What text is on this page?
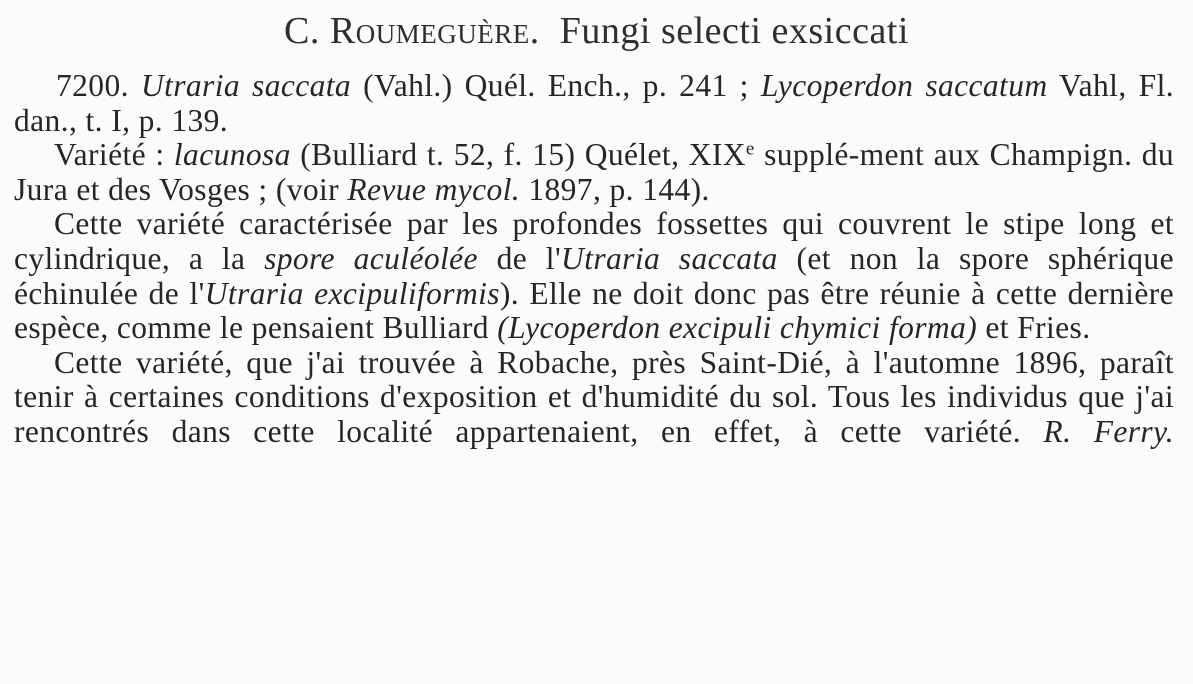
C. Roumeguère. Fungi selecti exsiccati

7200. Utraria saccata (Vahl.) Quél. Ench., p. 241 ; Lycoperdon saccatum Vahl, Fl. dan., t. I, p. 139.

Variété : lacunosa (Bulliard t. 52, f. 15) Quélet, XIXe supplé-ment aux Champign. du Jura et des Vosges ; (voir Revue mycol. 1897, p. 144).

Cette variété caractérisée par les profondes fossettes qui couvrent le stipe long et cylindrique, a la spore aculéolée de l'Utraria saccata (et non la spore sphérique échinulée de l'Utraria excipuliformis). Elle ne doit donc pas être réunie à cette dernière espèce, comme le pensaient Bulliard (Lycoperdon excipuli chymici forma) et Fries.

Cette variété, que j'ai trouvée à Robache, près Saint-Dié, à l'automne 1896, paraît tenir à certaines conditions d'exposition et d'humidité du sol. Tous les individus que j'ai rencontrés dans cette localité appartenaient, en effet, à cette variété. R. Ferry.
